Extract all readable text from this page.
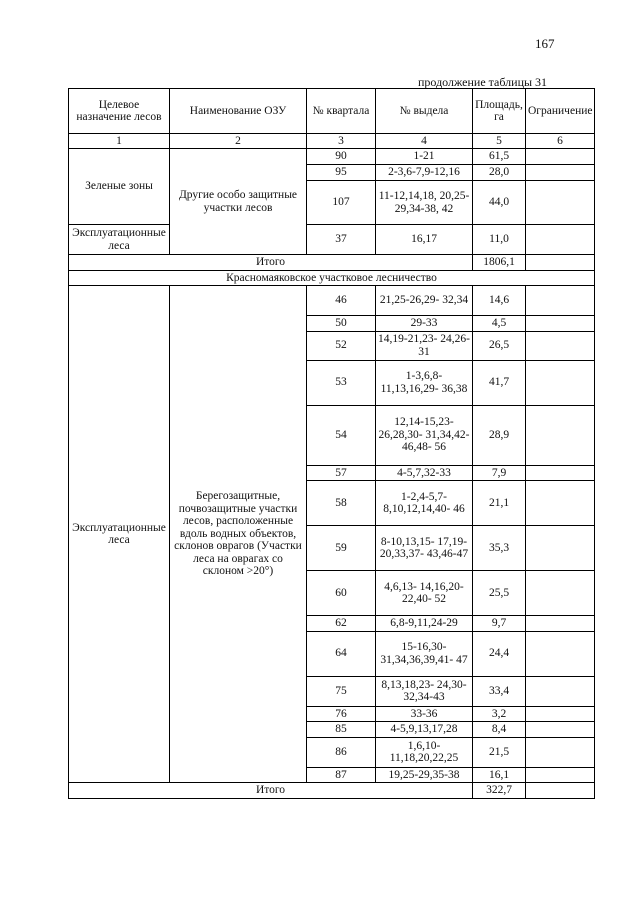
167
продолжение таблицы 31
Целевое назначение лесов	Наименование ОЗУ	№ квартала	№ выдела	Площадь, га	Ограничение
1	2	3	4	5	6
Зеленые зоны	Другие особо защитные участки лесов	90	1-21	61,5	
		95	2-3,6-7,9-12,16	28,0	
		107	11-12,14,18, 20,25-29,34-38, 42	44,0	
Эксплуатационные леса		37	16,17	11,0	
Итого				1806,1	
Красномаяковское участковое лесничество					
Эксплуатационные леса	Берегозащитные, почвозащитные участки лесов, расположенные вдоль водных объектов, склонов оврагов (Участки леса на оврагах со склоном >20°)	46	21,25-26,29- 32,34	14,6	
		50	29-33	4,5	
		52	14,19-21,23- 24,26-31	26,5	
		53	1-3,6,8- 11,13,16,29- 36,38	41,7	
		54	12,14-15,23- 26,28,30- 31,34,42-46,48- 56	28,9	
		57	4-5,7,32-33	7,9	
		58	1-2,4-5,7- 8,10,12,14,40- 46	21,1	
		59	8-10,13,15- 17,19-20,33,37- 43,46-47	35,3	
		60	4,6,13- 14,16,20-22,40- 52	25,5	
		62	6,8-9,11,24-29	9,7	
		64	15-16,30- 31,34,36,39,41- 47	24,4	
		75	8,13,18,23- 24,30-32,34-43	33,4	
		76	33-36	3,2	
		85	4-5,9,13,17,28	8,4	
		86	1,6,10- 11,18,20,22,25	21,5	
		87	19,25-29,35-38	16,1	
Итого				322,7	
